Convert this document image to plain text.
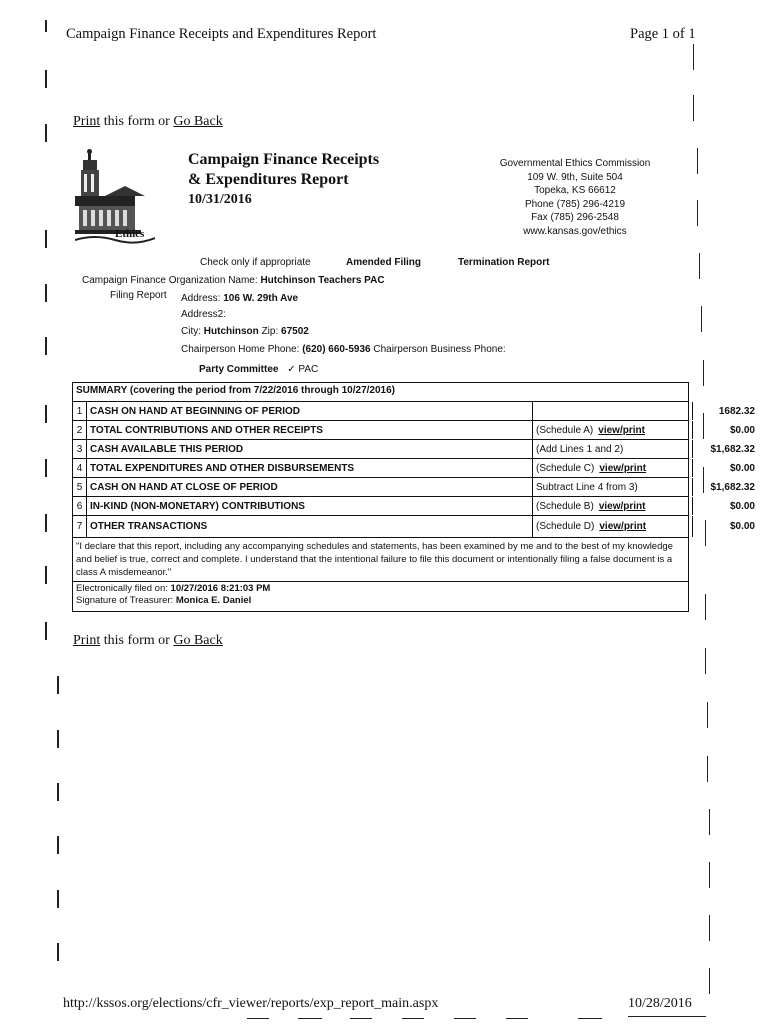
Campaign Finance Receipts and Expenditures Report	Page 1 of 1
Print this form or Go Back
Ethics
Campaign Finance Receipts
& Expenditures Report
10/31/2016
Governmental Ethics Commission
109 W. 9th, Suite 504
Topeka, KS 66612
Phone (785) 296-4219
Fax (785) 296-2548
www.kansas.gov/ethics
Check only if appropriate	Amended Filing	Termination Report
Campaign Finance Organization Name: Hutchinson Teachers PAC
Filing Report Address: 106 W. 29th Ave
Address2:
City: Hutchinson Zip: 67502
Chairperson Home Phone: (620) 660-5936 Chairperson Business Phone:
Party Committee ✓ PAC
SUMMARY (covering the period from 7/22/2016 through 10/27/2016)
1 CASH ON HAND AT BEGINNING OF PERIOD	1682.32
2 TOTAL CONTRIBUTIONS AND OTHER RECEIPTS	(Schedule A) view/print	$0.00
3 CASH AVAILABLE THIS PERIOD	(Add Lines 1 and 2)	$1,682.32
4 TOTAL EXPENDITURES AND OTHER DISBURSEMENTS	(Schedule C) view/print	$0.00
5 CASH ON HAND AT CLOSE OF PERIOD	Subtract Line 4 from 3)	$1,682.32
6 IN-KIND (NON-MONETARY) CONTRIBUTIONS	(Schedule B) view/print	$0.00
7 OTHER TRANSACTIONS	(Schedule D) view/print	$0.00
"I declare that this report, including any accompanying schedules and statements, has been examined by me and to the best of my knowledge and belief is true, correct and complete. I understand that the intentional failure to file this document or intentionally filing a false document is a class A misdemeanor."
Electronically filed on: 10/27/2016 8:21:03 PM
Signature of Treasurer: Monica E. Daniel
Print this form or Go Back
http://kssos.org/elections/cfr_viewer/reports/exp_report_main.aspx	10/28/2016
